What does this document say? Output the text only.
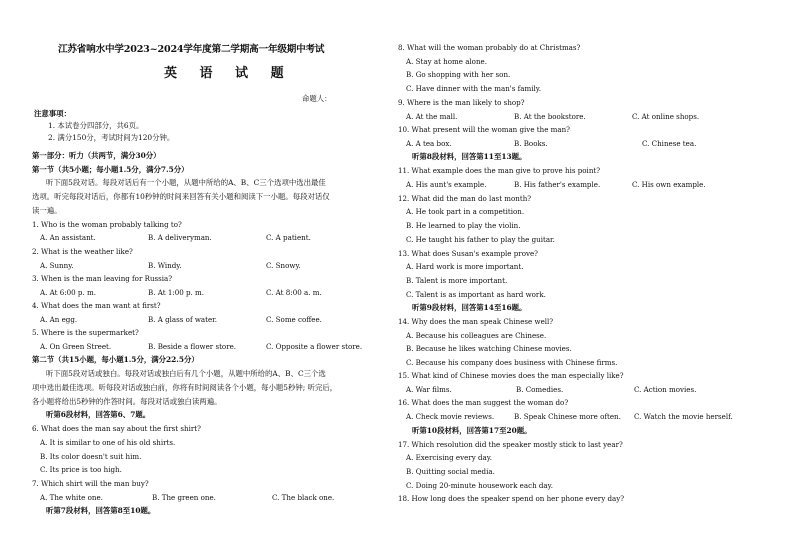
江苏省响水中学2023~2024学年度第二学期高一年级期中考试
英 语 试 题
命题人：
注意事项：
1. 本试卷分四部分，共6页。
2. 满分150分，考试时间为120分钟。
第一部分：听力（共两节，满分30分）
第一节（共5小题；每小题1.5分，满分7.5分）
听下面5段对话。每段对话后有一个小题，从题中所给的A、B、C三个选项中选出最佳
选项。听完每段对话后，你都有10秒钟的时间来回答有关小题和阅读下一小题。每段对话仅
读一遍。
1. Who is the woman probably talking to?
A. An assistant.	B. A deliveryman.	C. A patient.
2. What is the weather like?
A. Sunny.	B. Windy.	C. Snowy.
3. When is the man leaving for Russia?
A. At 6:00 p. m.	B. At 1:00 p. m.	C. At 8:00 a. m.
4. What does the man want at first?
A. An egg.	B. A glass of water.	C. Some coffee.
5. Where is the supermarket?
A. On Green Street.	B. Beside a flower store.	C. Opposite a flower store.
第二节（共15小题，每小题1.5分，满分22.5分）
听下面5段对话或独白。每段对话或独白后有几个小题，从题中所给的A、B、C三个选
项中选出最佳选项。听每段对话或独白前，你将有时间阅读各个小题，每小题5秒钟; 听完后，
各小题将给出5秒钟的作答时间。每段对话或独白读两遍。
听第6段材料，回答第6、7题。
6. What does the man say about the first shirt?
A. It is similar to one of his old shirts.
B. Its color doesn't suit him.
C. Its price is too high.
7. Which shirt will the man buy?
A. The white one.	B. The green one.	C. The black one.
听第7段材料，回答第8至10题。
8. What will the woman probably do at Christmas?
A. Stay at home alone.
B. Go shopping with her son.
C. Have dinner with the man's family.
9. Where is the man likely to shop?
A. At the mall.	B. At the bookstore.	C. At online shops.
10. What present will the woman give the man?
A. A tea box.	B. Books.	C. Chinese tea.
听第8段材料，回答第11至13题。
11. What example does the man give to prove his point?
A. His aunt's example.	B. His father's example.	C. His own example.
12. What did the man do last month?
A. He took part in a competition.
B. He learned to play the violin.
C. He taught his father to play the guitar.
13. What does Susan's example prove?
A. Hard work is more important.
B. Talent is more important.
C. Talent is as important as hard work.
听第9段材料，回答第14至16题。
14. Why does the man speak Chinese well?
A. Because his colleagues are Chinese.
B. Because he likes watching Chinese movies.
C. Because his company does business with Chinese firms.
15. What kind of Chinese movies does the man especially like?
A. War films.	B. Comedies.	C. Action movies.
16. What does the man suggest the woman do?
A. Check movie reviews.	B. Speak Chinese more often. C. Watch the movie herself.
听第10段材料，回答第17至20题。
17. Which resolution did the speaker mostly stick to last year?
A. Exercising every day.
B. Quitting social media.
C. Doing 20-minute housework each day.
18. How long does the speaker spend on her phone every day?
